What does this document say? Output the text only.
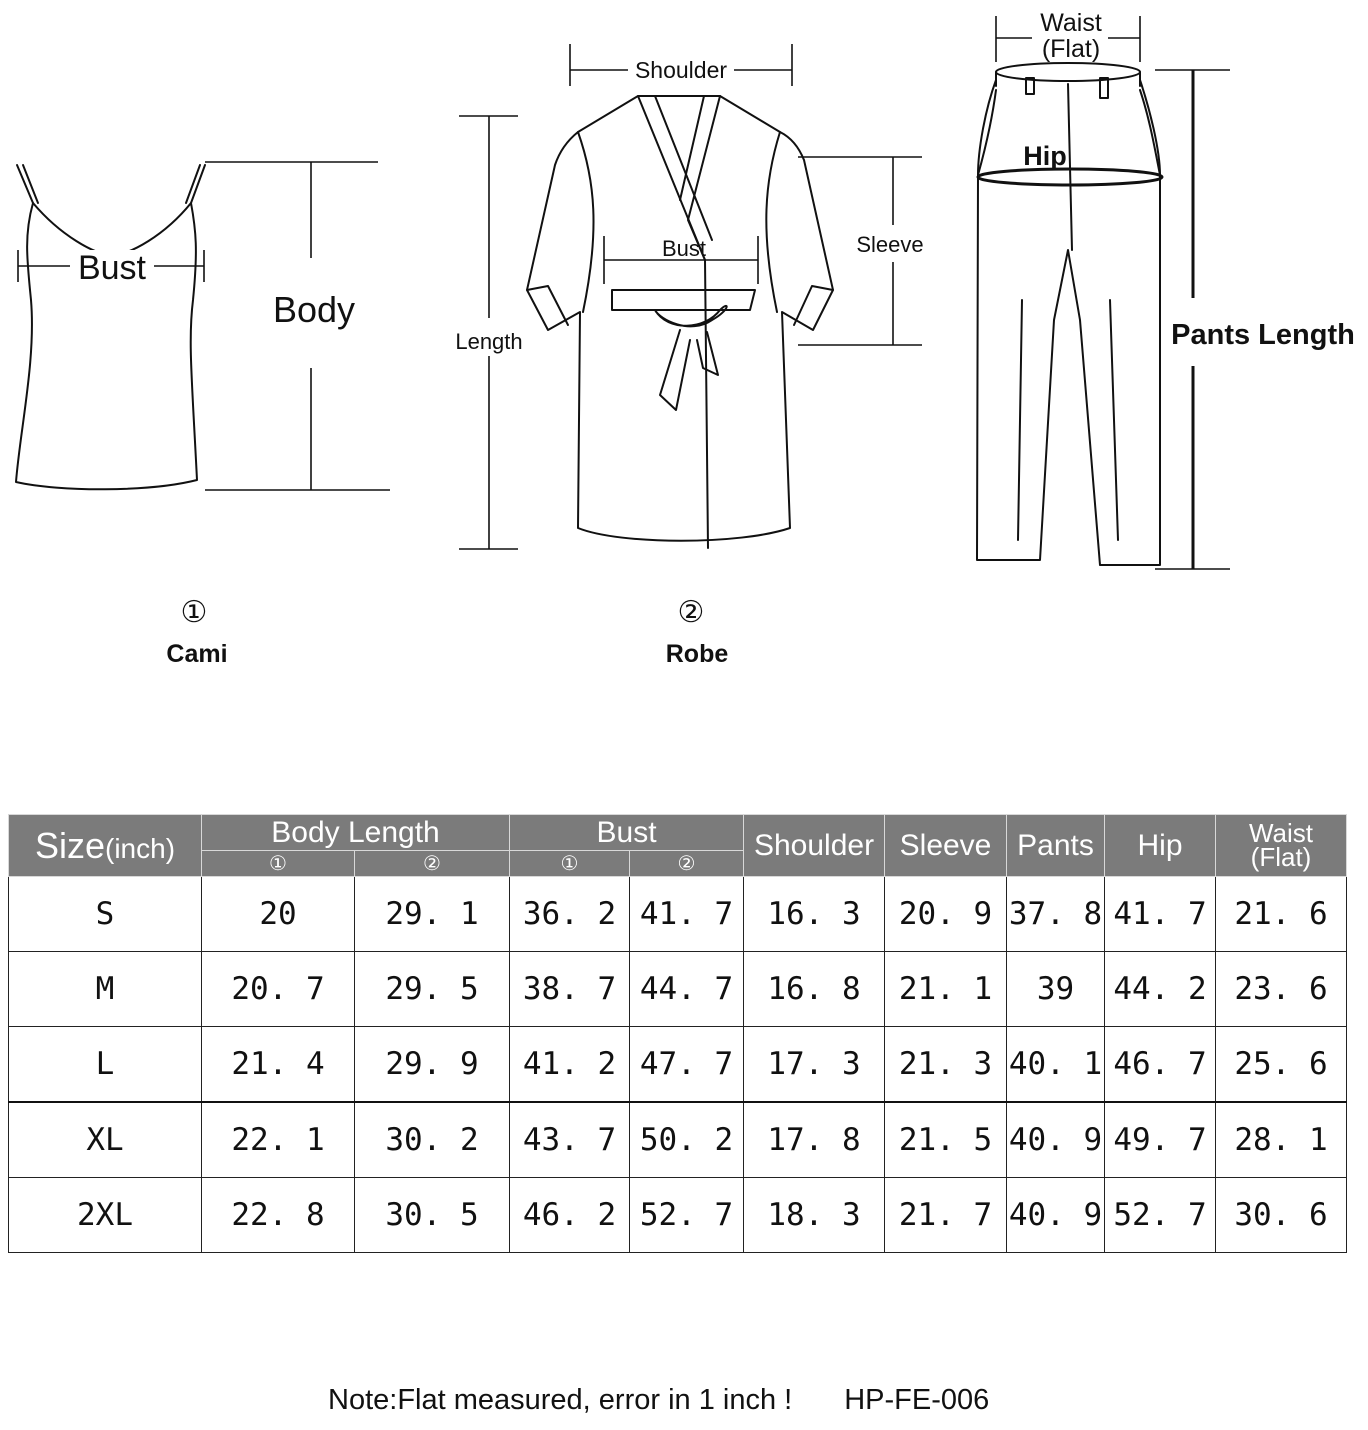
Bust
Body
①
Cami
Shoulder
Bust	Sleeve
Length
②
Robe
Hip
Waist
(Flat)
Pants Length
Size(inch)	Body Length		Bust		Shoulder	Sleeve	Pants	Hip	Waist
(Flat)

	①	②	①	②					
S	20	29. 1	36. 2	41. 7	16. 3	20. 9	37. 8	41. 7	21. 6
M	20. 7	29. 5	38. 7	44. 7	16. 8	21. 1	39	44. 2	23. 6
L	21. 4	29. 9	41. 2	47. 7	17. 3	21. 3	40. 1	46. 7	25. 6
XL	22. 1	30. 2	43. 7	50. 2	17. 8	21. 5	40. 9	49. 7	28. 1
2XL	22. 8	30. 5	46. 2	52. 7	18. 3	21. 7	40. 9	52. 7	30. 6
Note:Flat measured, error in 1 inch ! HP-FE-006
